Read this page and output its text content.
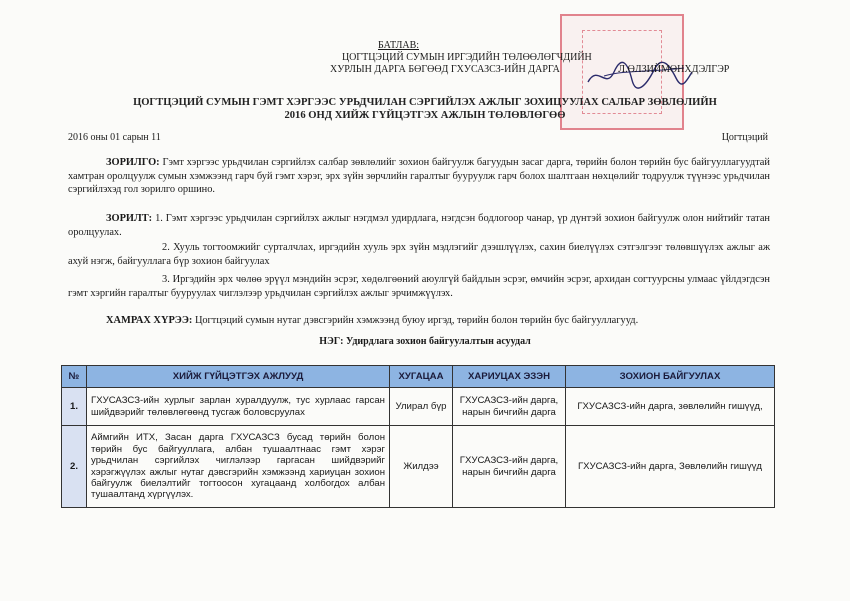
БАТЛАВ:
ЦОГТЦЭЦИЙ СУМЫН ИРГЭДИЙН ТӨЛӨӨЛӨГЧДИЙН
ХУРЛЫН ДАРГА БӨГӨӨД ГХУСАЗСЗ-ИЙН ДАРГА	Л.ӨЛЗИЙМӨНХДЭЛГЭР
ЦОГТЦЭЦИЙ СУМЫН ГЭМТ ХЭРГЭЭС УРЬДЧИЛАН СЭРГИЙЛЭХ АЖЛЫГ ЗОХИЦУУЛАХ САЛБАР ЗӨВЛӨЛИЙН
2016 ОНД ХИЙЖ ГҮЙЦЭТГЭХ АЖЛЫН ТӨЛӨВЛӨГӨӨ
2016 оны 01 сарын 11	Цогтцэций
ЗОРИЛГО: Гэмт хэргээс урьдчилан сэргийлэх салбар зөвлөлийг зохион байгуулж багуудын засаг дарга, төрийн болон төрийн бус байгууллагуудтай хамтран оролцуулж сумын хэмжээнд гарч буй гэмт хэрэг, эрх зүйн зөрчлийн гаралтыг бууруулж гарч болох шалтгаан нөхцөлийг тодруулж түүнээс урьдчилан сэргийлэхэд гол зорилго оршино.
ЗОРИЛТ: 1. Гэмт хэргээс урьдчилан сэргийлэх ажлыг нэгдмэл удирдлага, нэгдсэн бодлогоор чанар, үр дүнтэй зохион байгуулж олон нийтийг татан оролцуулах.
2. Хууль тогтоомжийг сурталчлах, иргэдийн хууль эрх зүйн мэдлэгийг дээшлүүлэх, сахин биелүүлэх сэтгэлгээг төлөвшүүлэх ажлыг аж ахуй нэгж, байгууллага бүр зохион байгуулах
3. Иргэдийн эрх чөлөө эрүүл мэндийн эсрэг, хөдөлгөөний аюулгүй байдлын эсрэг, өмчийн эсрэг, архидан согтуурсны улмаас үйлдэгдсэн гэмт хэргийн гаралтыг бууруулах чиглэлээр урьдчилан сэргийлэх ажлыг эрчимжүүлэх.
ХАМРАХ ХҮРЭЭ: Цогтцэций сумын нутаг дэвсгэрийн хэмжээнд буюу иргэд, төрийн болон төрийн бус байгууллагууд.
НЭГ: Удирдлага зохион байгуулалтын асуудал
№	ХИЙЖ ГҮЙЦЭТГЭХ АЖЛУУД	ХУГАЦАА	ХАРИУЦАХ ЭЗЭН	ЗОХИОН БАЙГУУЛАХ
1.	ГХУСАЗСЗ-ийн хурлыг зарлан хуралдуулж, тус хурлаас гарсан шийдвэрийг төлөвлөгөөнд тусгаж боловсруулах	Улирал бүр	ГХУСАЗСЗ-ийн дарга, нарын бичгийн дарга	ГХУСАЗСЗ-ийн дарга, зөвлөлийн гишүүд,
2.	Аймгийн ИТХ, Засан дарга ГХУСАЗСЗ бусад төрийн болон төрийн бус байгууллага, албан тушаалтнаас гэмт хэрэг урьдчилан сэргийлэх чиглэлээр гаргасан шийдвэрийг хэрэгжүүлэх ажлыг нутаг дэвсгэрийн хэмжээнд хариуцан зохион байгуулж биелэлтийг тогтоосон хугацаанд холбогдох албан тушаалтанд хүргүүлэх.	Жилдээ	ГХУСАЗСЗ-ийн дарга, нарын бичгийн дарга	ГХУСАЗСЗ-ийн дарга, Зөвлөлийн гишүүд
